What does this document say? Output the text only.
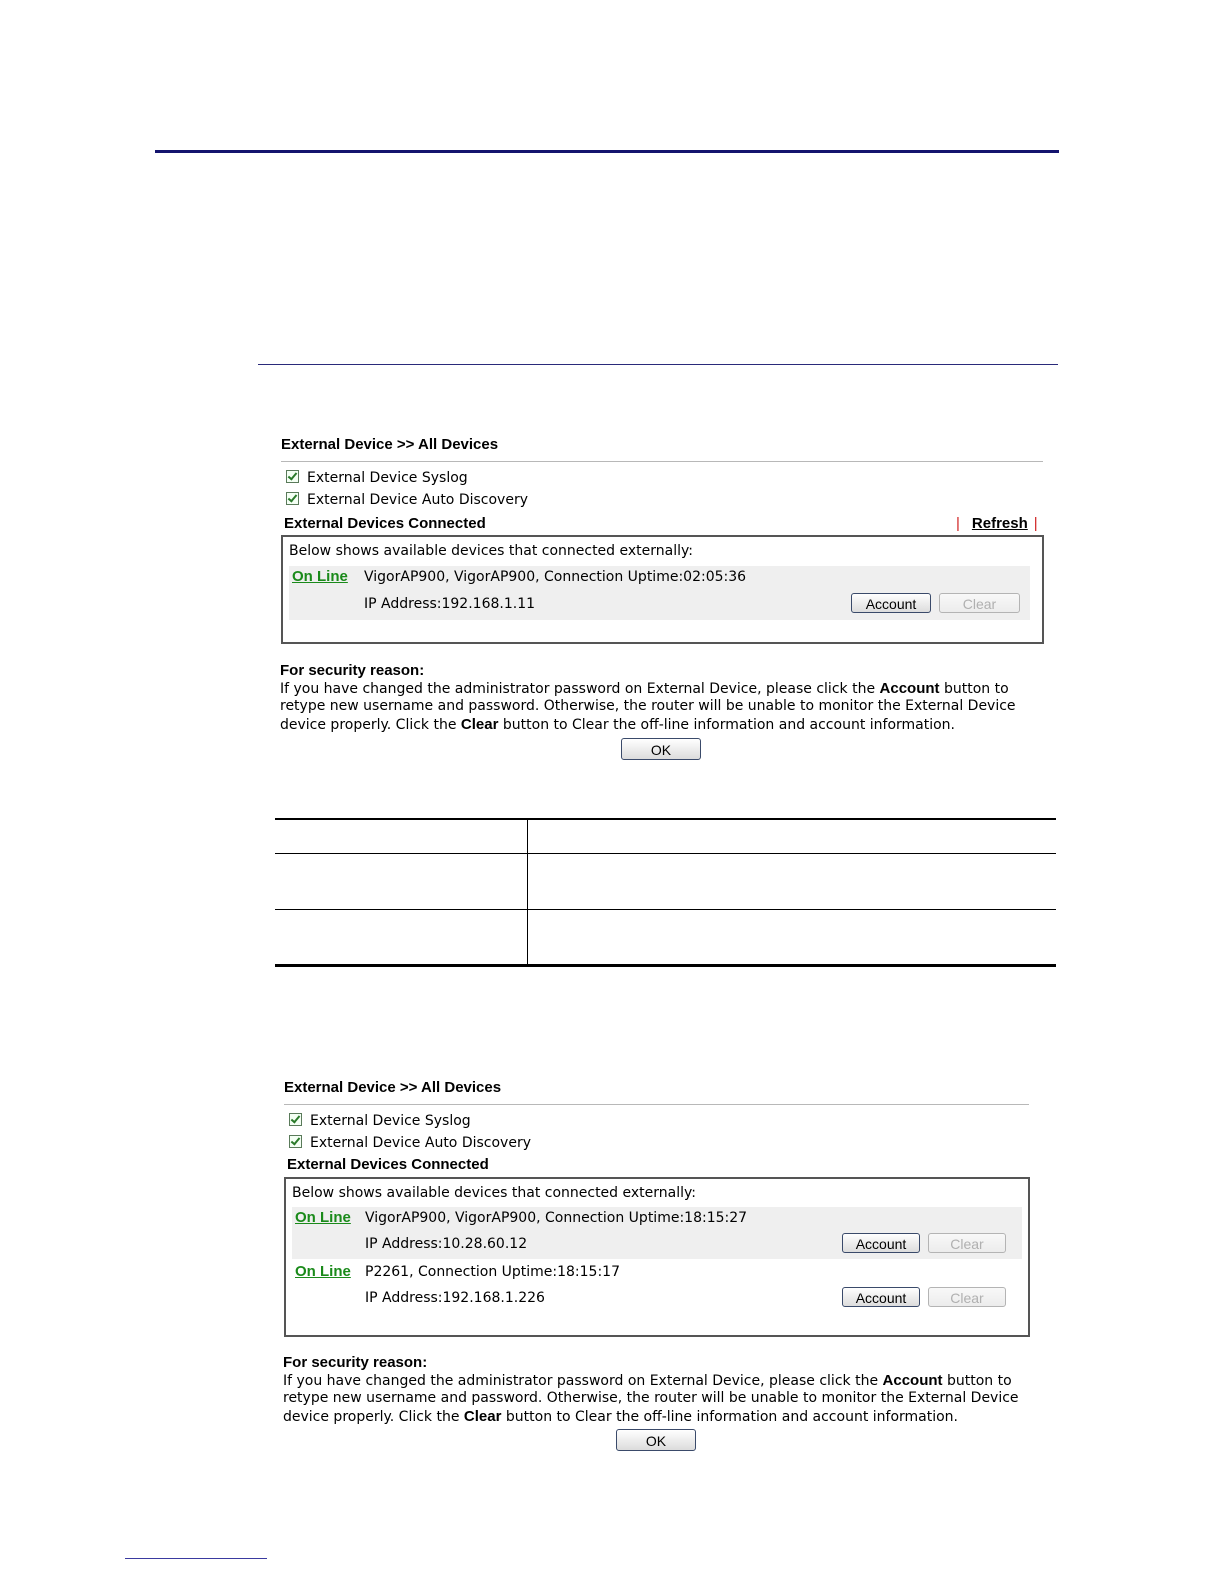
External Device >> All Devices
External Device Syslog
External Device Auto Discovery
External Devices Connected	| Refresh |
Below shows available devices that connected externally:
On Line VigorAP900, VigorAP900, Connection Uptime:02:05:36
IP Address:192.168.1.11	Account	Clear
For security reason:
If you have changed the administrator password on External Device, please click the Account button to
retype new username and password. Otherwise, the router will be unable to monitor the External Device
device properly. Click the Clear button to Clear the off-line information and account information.
OK
External Device >> All Devices
External Device Syslog
External Device Auto Discovery
External Devices Connected
Below shows available devices that connected externally:
On Line VigorAP900, VigorAP900, Connection Uptime:18:15:27
IP Address:10.28.60.12	Account	Clear
On Line P2261, Connection Uptime:18:15:17
IP Address:192.168.1.226	Account	Clear
For security reason:
If you have changed the administrator password on External Device, please click the Account button to
retype new username and password. Otherwise, the router will be unable to monitor the External Device
device properly. Click the Clear button to Clear the off-line information and account information.
OK
